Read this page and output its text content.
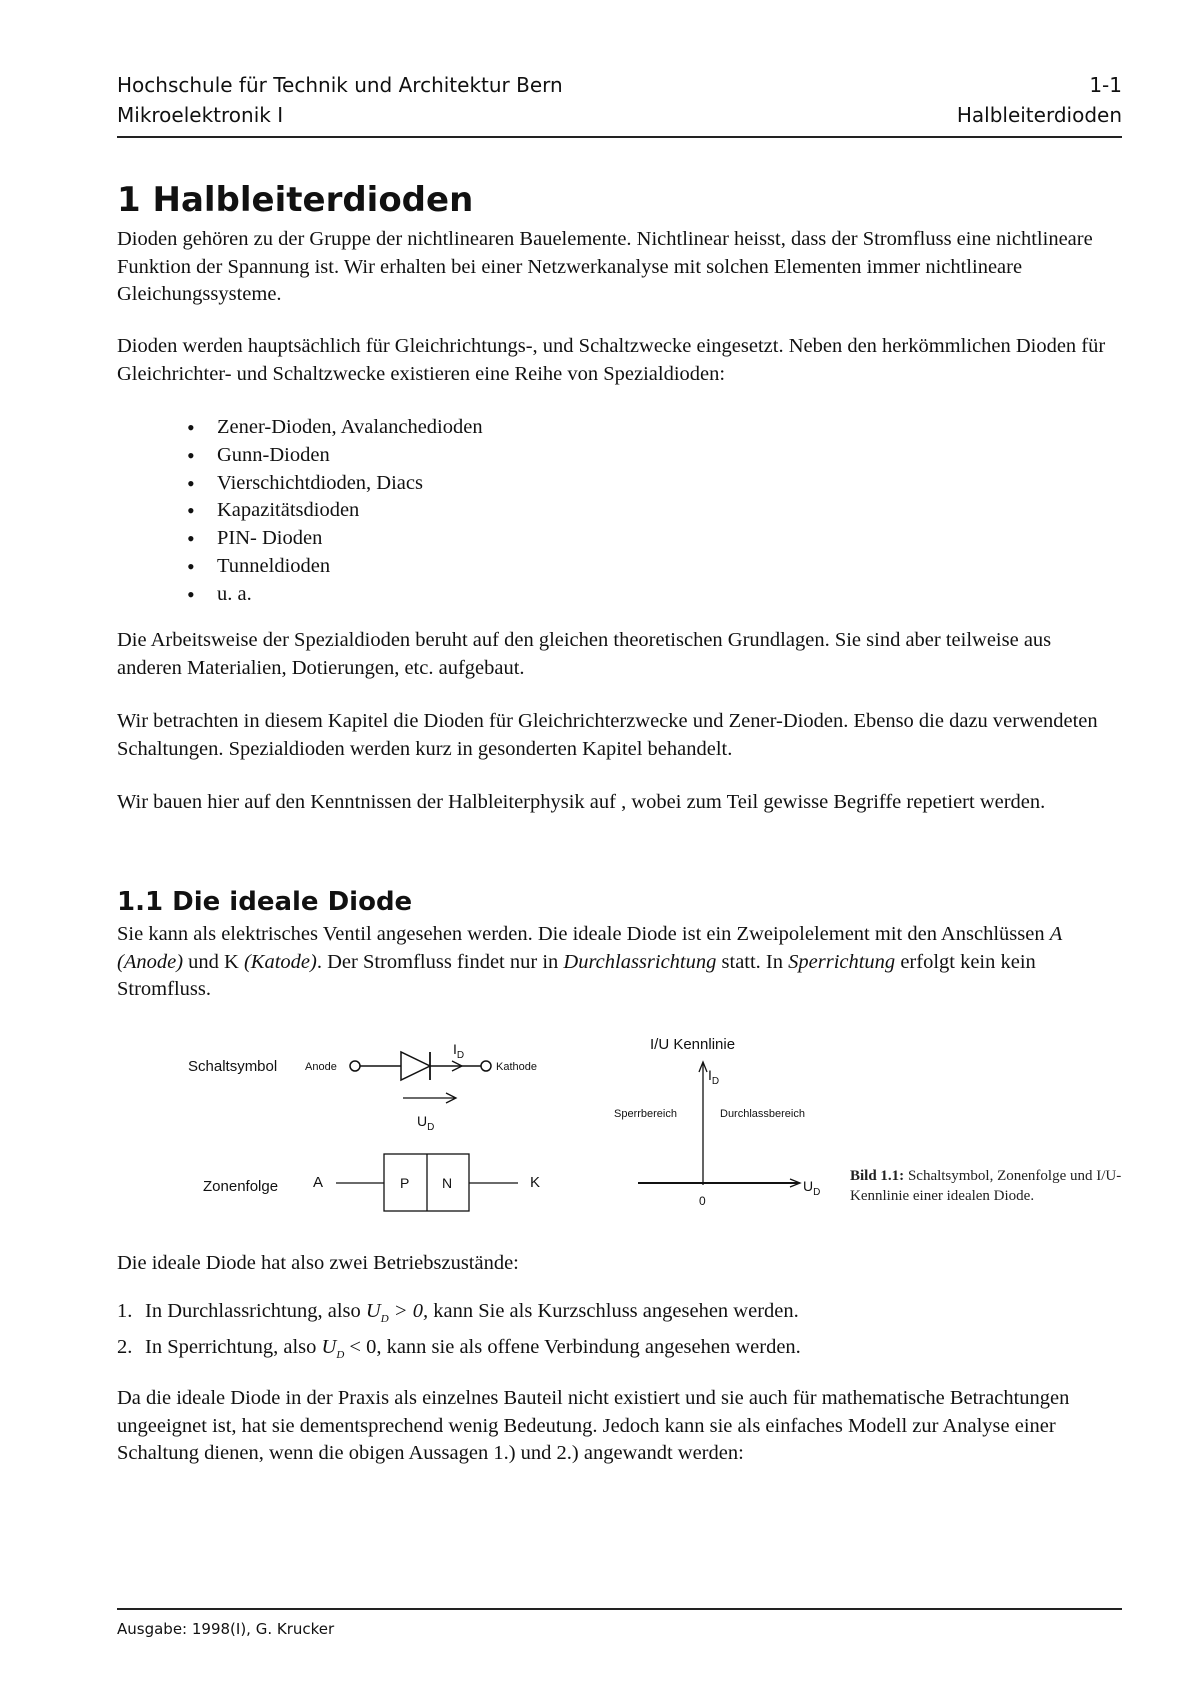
Hochschule für Technik und Architektur Bern	1-1
Mikroelektronik I	Halbleiterdioden
1 Halbleiterdioden

Dioden gehören zu der Gruppe der nichtlinearen Bauelemente. Nichtlinear heisst, dass der Stromfluss eine nichtlineare Funktion der Spannung ist. Wir erhalten bei einer Netzwerkanalyse mit solchen Elementen immer nichtlineare Gleichungssysteme.

Dioden werden hauptsächlich für Gleichrichtungs-, und Schaltzwecke eingesetzt. Neben den herkömmlichen Dioden für Gleichrichter- und Schaltzwecke existieren eine Reihe von Spezialdioden:

• Zener-Dioden, Avalanchedioden
• Gunn-Dioden
• Vierschichtdioden, Diacs
• Kapazitätsdioden
• PIN- Dioden
• Tunneldioden
• u. a.

Die Arbeitsweise der Spezialdioden beruht auf den gleichen theoretischen Grundlagen. Sie sind aber teilweise aus anderen Materialien, Dotierungen, etc. aufgebaut.

Wir betrachten in diesem Kapitel die Dioden für Gleichrichterzwecke und Zener-Dioden. Ebenso die dazu verwendeten Schaltungen. Spezialdioden werden kurz in gesonderten Kapitel behandelt.

Wir bauen hier auf den Kenntnissen der Halbleiterphysik auf , wobei zum Teil gewisse Begriffe repetiert werden.

1.1 Die ideale Diode

Sie kann als elektrisches Ventil angesehen werden. Die ideale Diode ist ein Zweipolelement mit den Anschlüssen A (Anode) und K (Katode). Der Stromfluss findet nur in Durchlassrichtung statt. In Sperrichtung erfolgt kein kein Stromfluss.

Schaltsymbol	Anode	Kathode
$I_D$
$U_D$
Zonenfolge A	P N	K
I/U Kennlinie
$I_D$
Sperrbereich	Durchlassbereich
$U_D$
0
Bild 1.1: Schaltsymbol, Zonenfolge und I/U-Kennlinie einer idealen Diode.

Die ideale Diode hat also zwei Betriebszustände:

1. In Durchlassrichtung, also $U_D > 0$, kann Sie als Kurzschluss angesehen werden.
2. In Sperrichtung, also $U_D < 0$, kann sie als offene Verbindung angesehen werden.

Da die ideale Diode in der Praxis als einzelnes Bauteil nicht existiert und sie auch für mathematische Betrachtungen ungeeignet ist, hat sie dementsprechend wenig Bedeutung. Jedoch kann sie als einfaches Modell zur Analyse einer Schaltung dienen, wenn die obigen Aussagen 1.) und 2.) angewandt werden:

Ausgabe: 1998(I), G. Krucker
